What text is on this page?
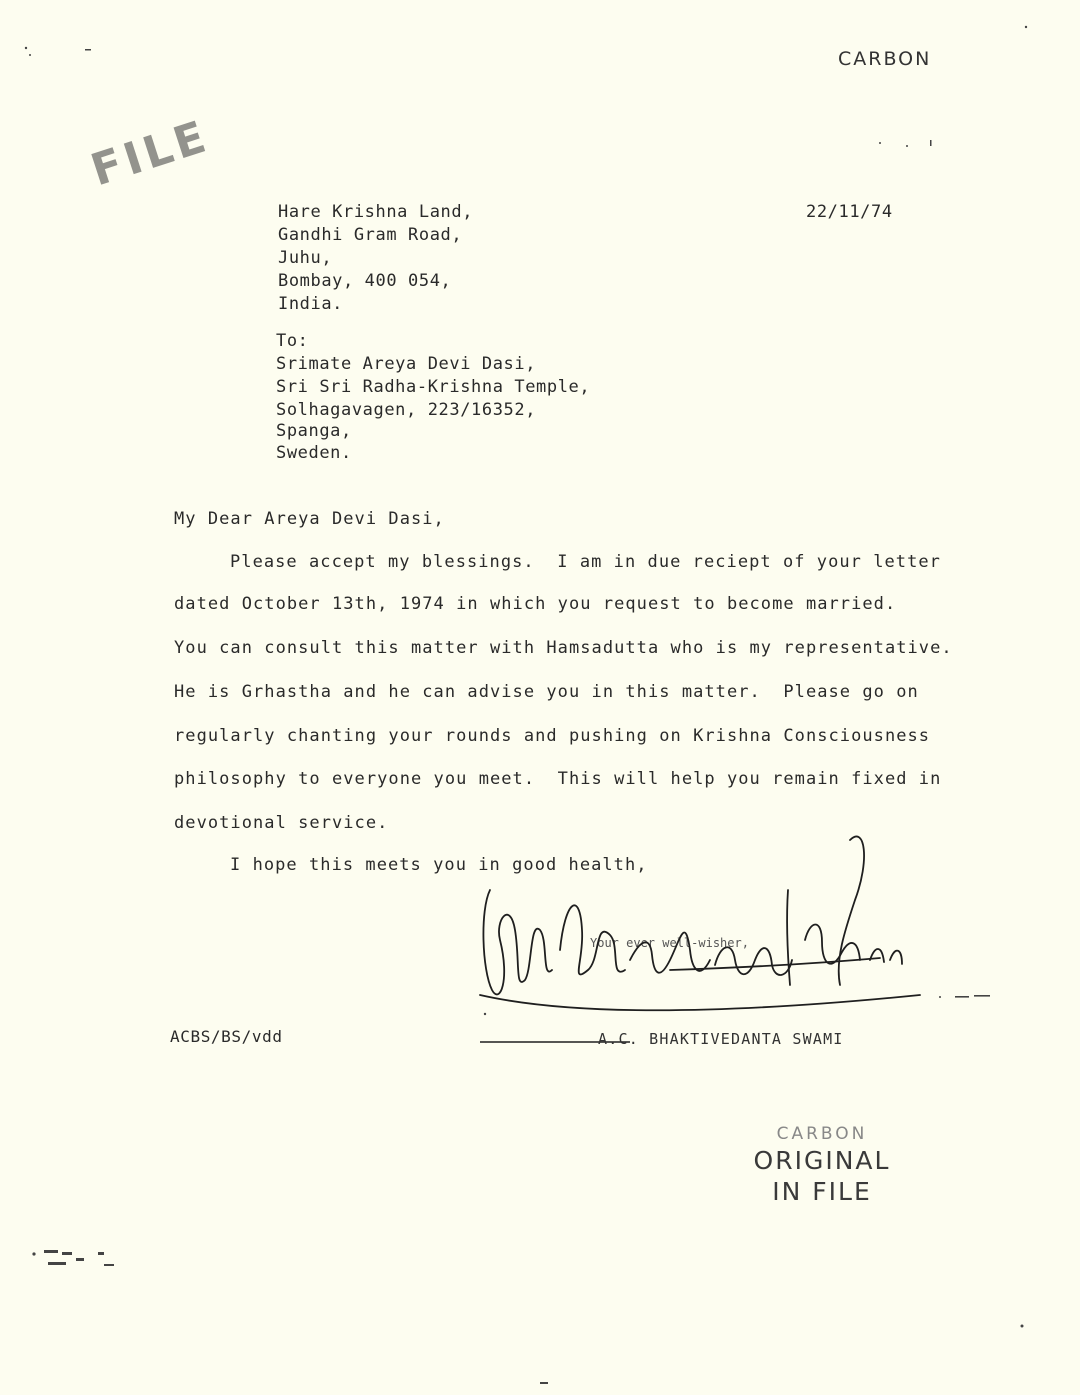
CARBON
FILE
22/11/74
Hare Krishna Land,
Gandhi Gram Road,
Juhu,
Bombay, 400 054,
India.
To:
Srimate Areya Devi Dasi,
Sri Sri Radha-Krishna Temple,
Solhagavagen, 223/16352,
Spanga,
Sweden.
My Dear Areya Devi Dasi,
Please accept my blessings.  I am in due reciept of your letter
dated October 13th, 1974 in which you request to become married.
You can consult this matter with Hamsadutta who is my representative.
He is Grhastha and he can advise you in this matter.  Please go on
regularly chanting your rounds and pushing on Krishna Consciousness
philosophy to everyone you meet.  This will help you remain fixed in
devotional service.
I hope this meets you in good health,
Your ever well-wisher,
A.C. BHAKTIVEDANTA SWAMI
ACBS/BS/vdd
CARBON
ORIGINAL
IN FILE
